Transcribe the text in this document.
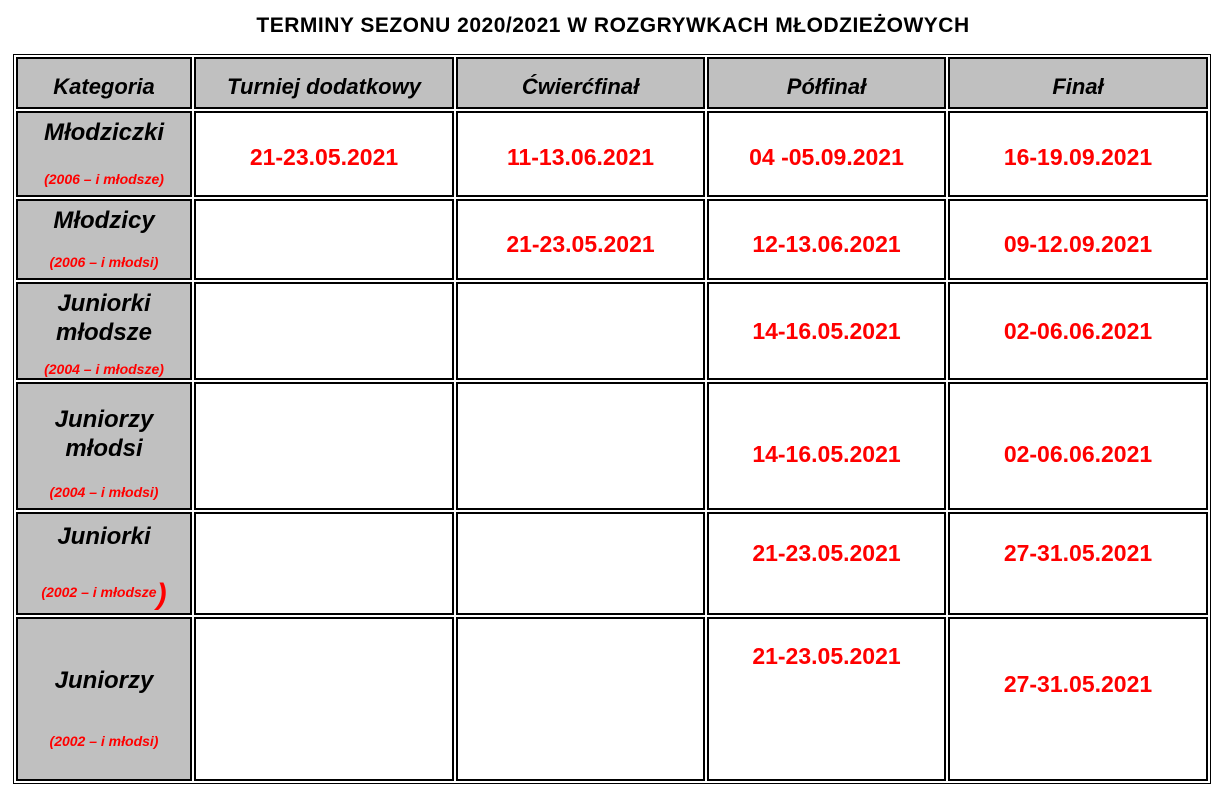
TERMINY SEZONU 2020/2021 W ROZGRYWKACH MŁODZIEŻOWYCH
Kategoria	Turniej dodatkowy	Ćwierćfinał	Półfinał	Finał

Młodziczki
(2006 – i młodsze)	21-23.05.2021	11-13.06.2021	04 -05.09.2021	16-19.09.2021

Młodzicy
(2006 – i młodsi)		21-23.05.2021	12-13.06.2021	09-12.09.2021

Juniorki
młodsze
(2004 – i młodsze)			14-16.05.2021	02-06.06.2021

Juniorzy
młodsi
(2004 – i młodsi)			14-16.05.2021	02-06.06.2021

Juniorki
(2002 – i młodsze)			21-23.05.2021	27-31.05.2021

Juniorzy
(2002 – i młodsi)			21-23.05.2021	27-31.05.2021
